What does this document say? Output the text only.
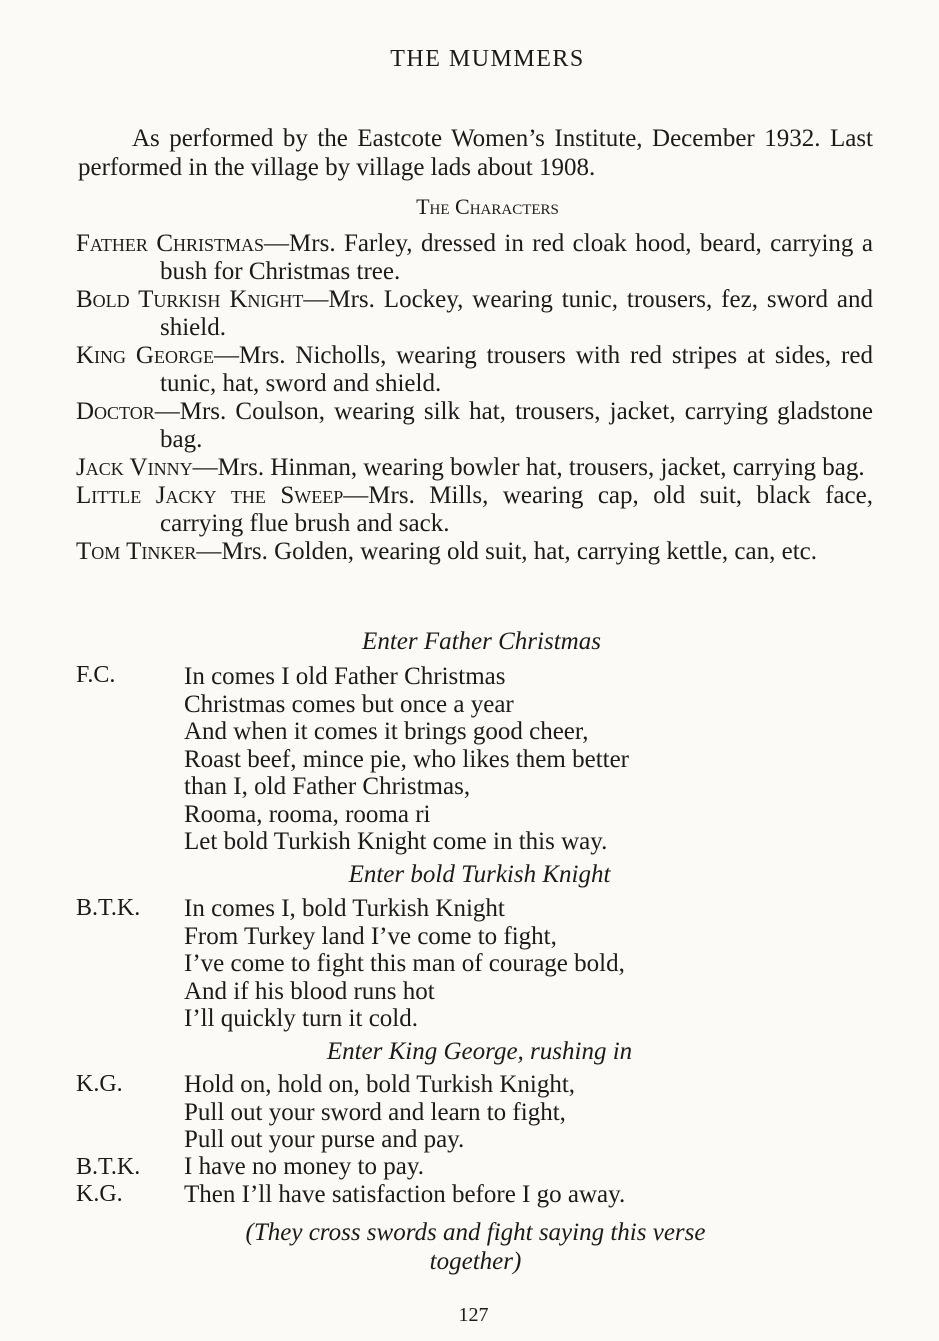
THE MUMMERS
As performed by the Eastcote Women’s Institute, December 1932. Last performed in the village by village lads about 1908.
The Characters
Father Christmas—Mrs. Farley, dressed in red cloak hood, beard, carrying a bush for Christmas tree.
Bold Turkish Knight—Mrs. Lockey, wearing tunic, trousers, fez, sword and shield.
King George—Mrs. Nicholls, wearing trousers with red stripes at sides, red tunic, hat, sword and shield.
Doctor—Mrs. Coulson, wearing silk hat, trousers, jacket, carrying gladstone bag.
Jack Vinny—Mrs. Hinman, wearing bowler hat, trousers, jacket, carrying bag.
Little Jacky the Sweep—Mrs. Mills, wearing cap, old suit, black face, carrying flue brush and sack.
Tom Tinker—Mrs. Golden, wearing old suit, hat, carrying kettle, can, etc.
Enter Father Christmas
F.C.	In comes I old Father Christmas
Christmas comes but once a year
And when it comes it brings good cheer,
Roast beef, mince pie, who likes them better
than I, old Father Christmas,
Rooma, rooma, rooma ri
Let bold Turkish Knight come in this way.
Enter bold Turkish Knight
B.T.K. In comes I, bold Turkish Knight
From Turkey land I’ve come to fight,
I’ve come to fight this man of courage bold,
And if his blood runs hot
I’ll quickly turn it cold.
Enter King George, rushing in
K.G. Hold on, hold on, bold Turkish Knight,
Pull out your sword and learn to fight,
Pull out your purse and pay.
B.T.K. I have no money to pay.
K.G. Then I’ll have satisfaction before I go away.
(They cross swords and fight saying this verse
together)
127
